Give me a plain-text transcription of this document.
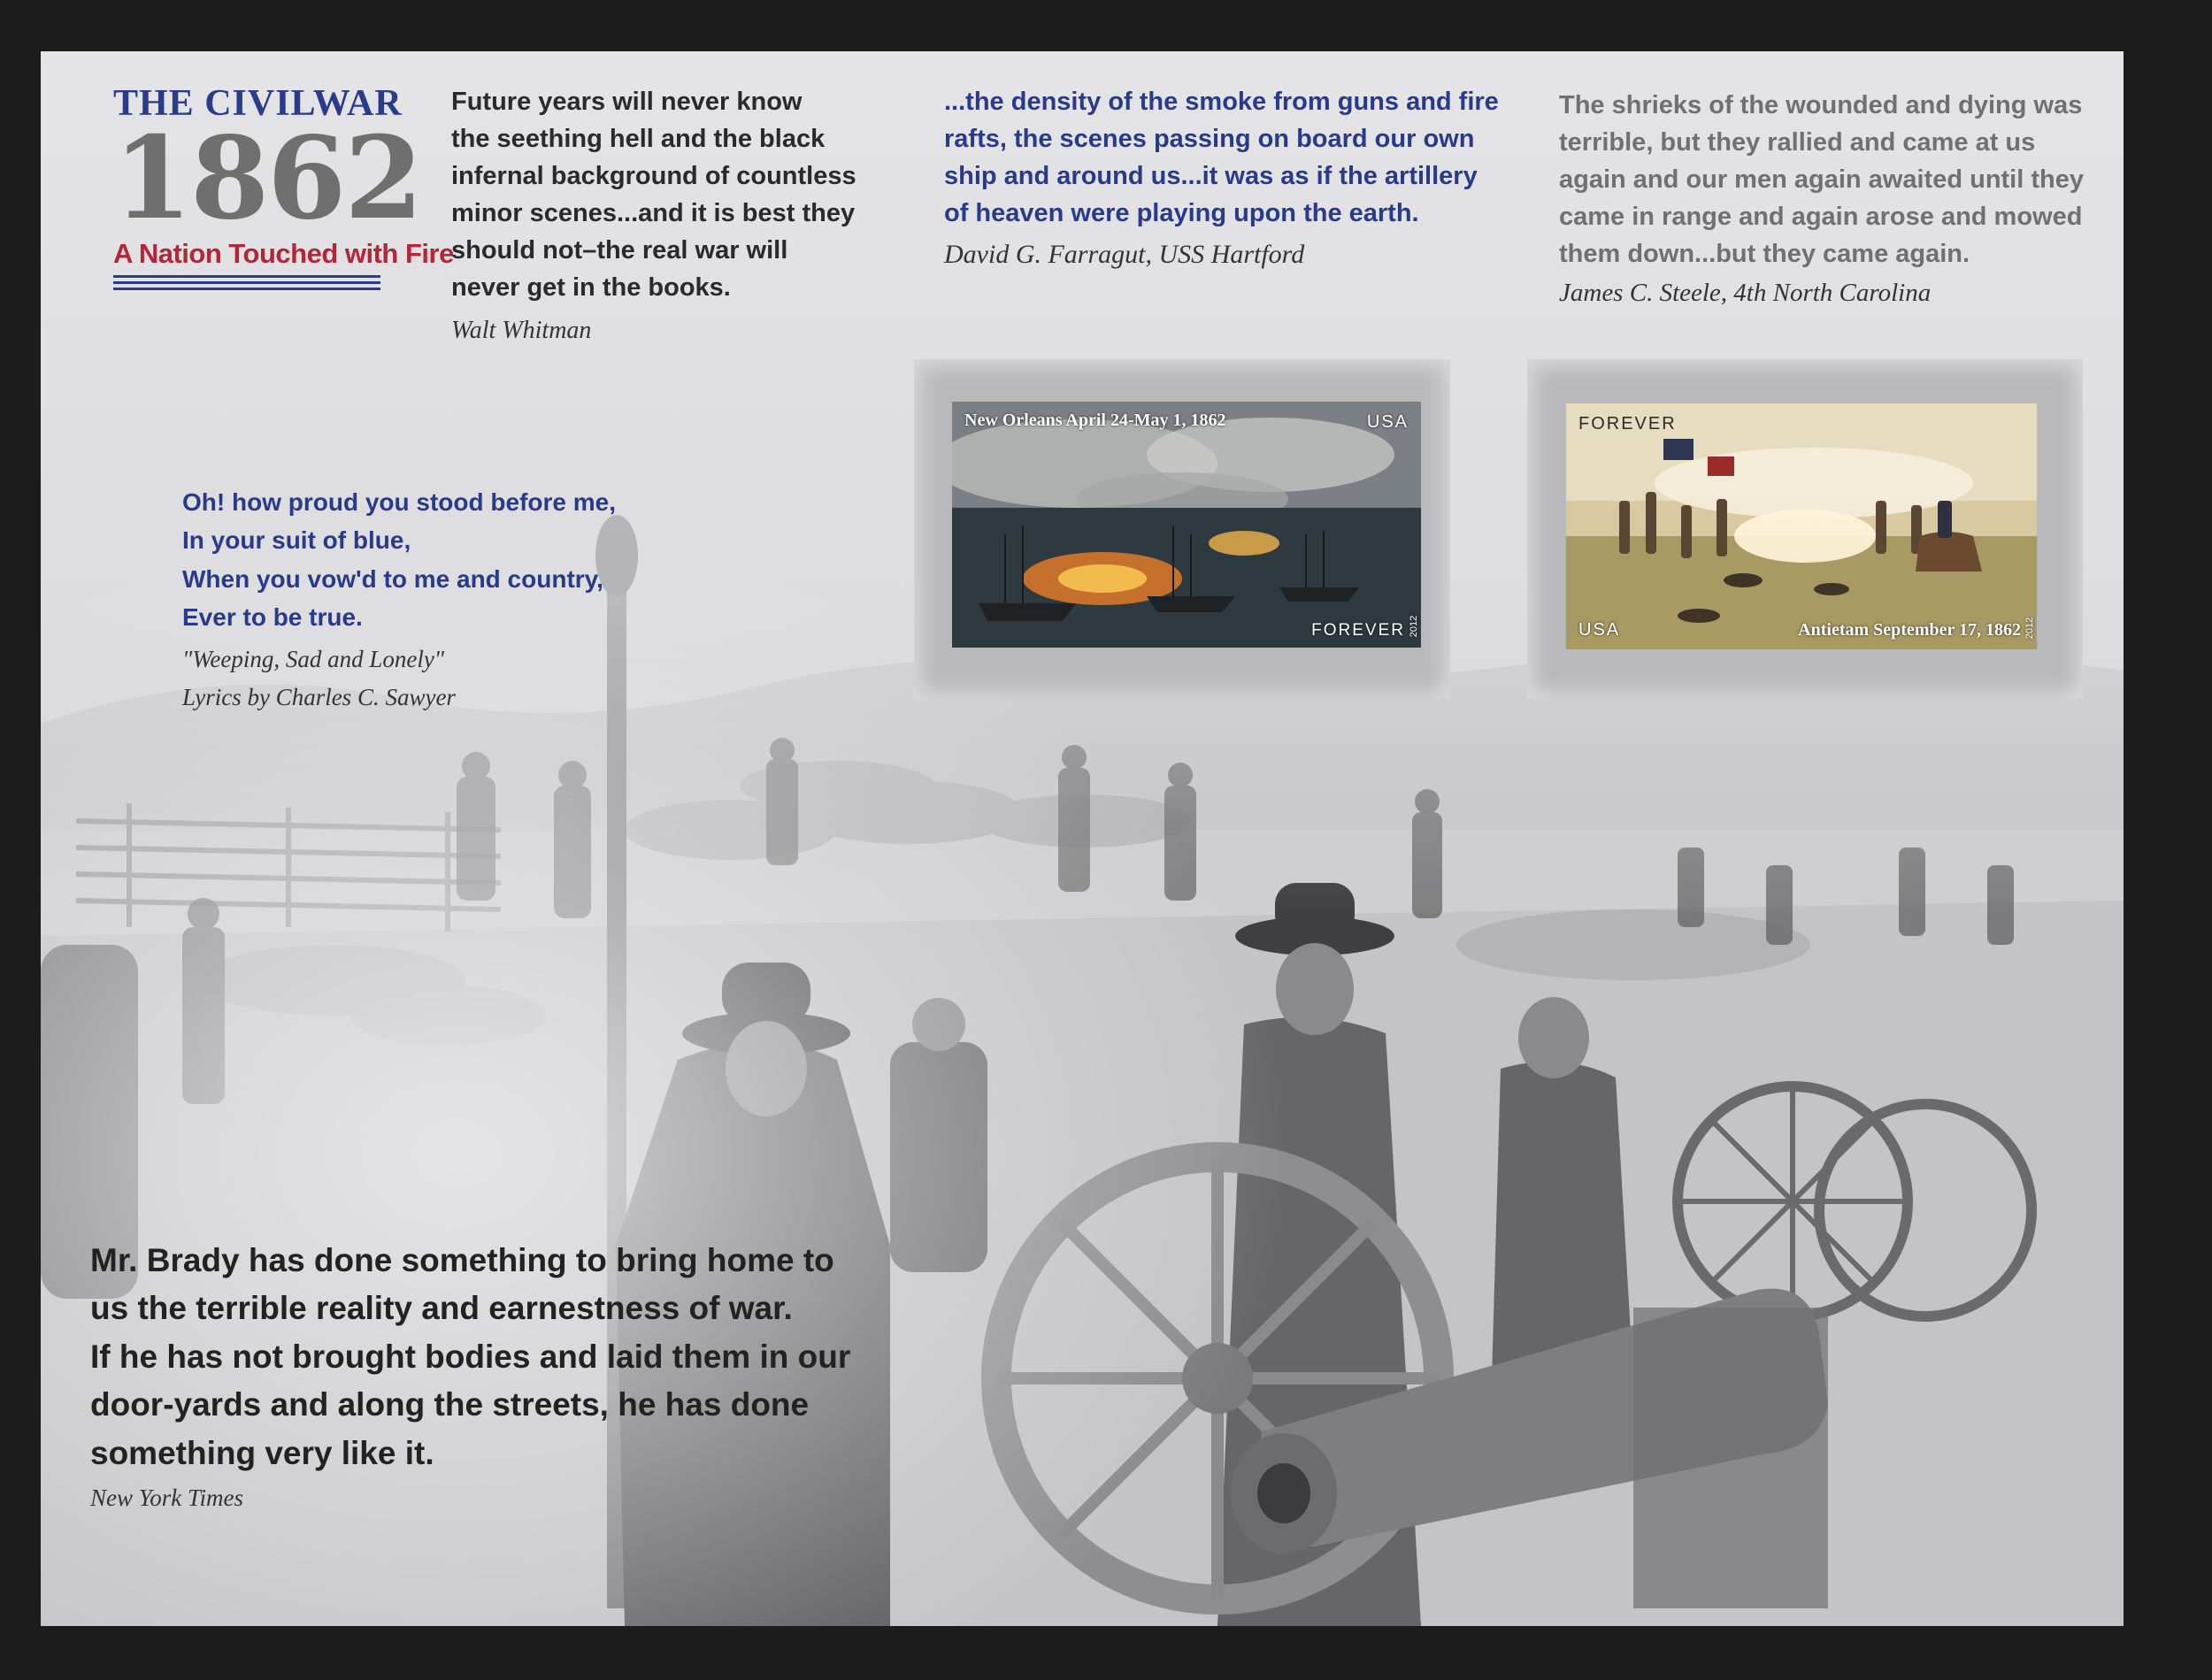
THE CIVILWAR
1862
A Nation Touched with Fire
Future years will never know
the seething hell and the black
infernal background of countless
minor scenes...and it is best they
should not–the real war will
never get in the books.
Walt Whitman
...the density of the smoke from guns and fire
rafts, the scenes passing on board our own
ship and around us...it was as if the artillery
of heaven were playing upon the earth.
David G. Farragut, USS Hartford
The shrieks of the wounded and dying was
terrible, but they rallied and came at us
again and our men again awaited until they
came in range and again arose and mowed
them down...but they came again.
James C. Steele, 4th North Carolina
Oh! how proud you stood before me,
In your suit of blue,
When you vow'd to me and country,
Ever to be true.
"Weeping, Sad and Lonely"
Lyrics by Charles C. Sawyer
Mr. Brady has done something to bring home to
us the terrible reality and earnestness of war.
If he has not brought bodies and laid them in our
door-yards and along the streets, he has done
something very like it.
New York Times
New Orleans April 24-May 1, 1862	USA
FOREVER 2012
FOREVER
USA	Antietam September 17, 1862 2012
